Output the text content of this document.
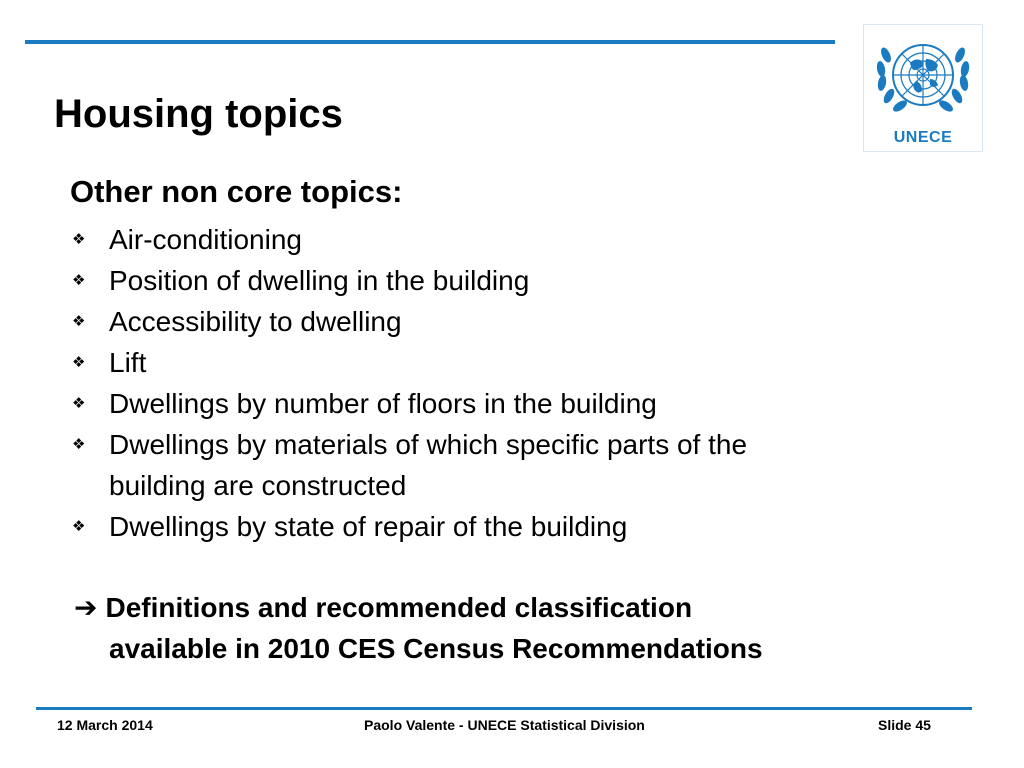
Housing topics
UNECE
Other non core topics:
❖ Air-conditioning
❖ Position of dwelling in the building
❖ Accessibility to dwelling
❖ Lift
❖ Dwellings by number of floors in the building
❖ Dwellings by materials of which specific parts of the
building are constructed
❖ Dwellings by state of repair of the building
➔ Definitions and recommended classification
available in 2010 CES Census Recommendations
12 March 2014	Paolo Valente - UNECE Statistical Division	Slide 45
